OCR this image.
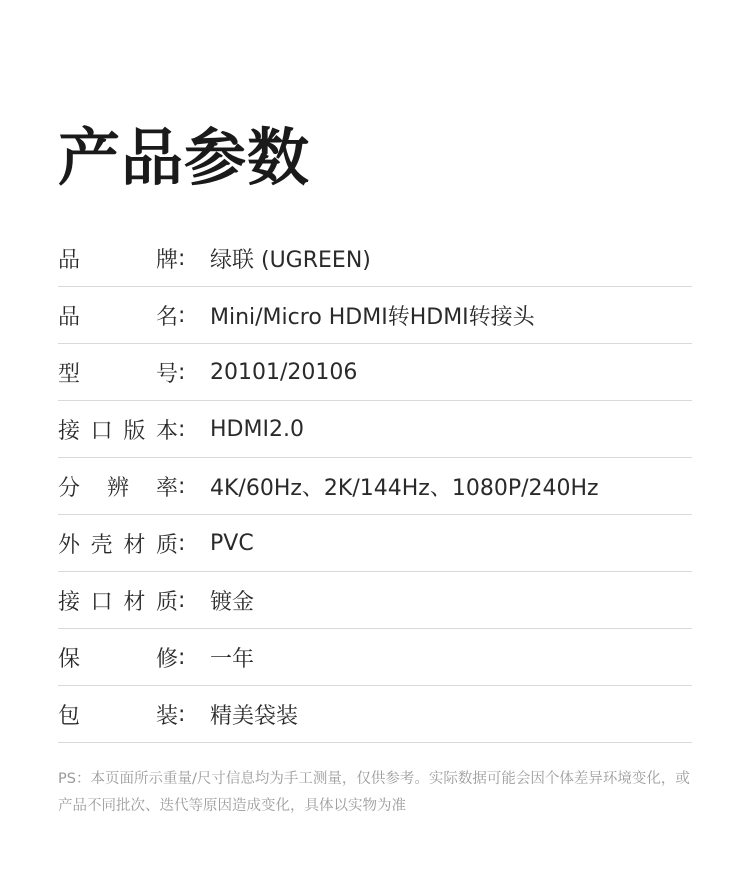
产品参数
品牌 :	绿联 (UGREEN)
品名 :	Mini/Micro HDMI转HDMI转接头
型号 :	20101/20106
接口版本 :	HDMI2.0
分辨率 :	4K/60Hz、2K/144Hz、1080P/240Hz
外壳材质 :	PVC
接口材质 :	镀金
保修 :	一年
包装 :	精美袋装

PS：本页面所示重量/尺寸信息均为手工测量，仅供参考。实际数据可能会因个体差异环境变化，或产品不同批次、迭代等原因造成变化，具体以实物为准
